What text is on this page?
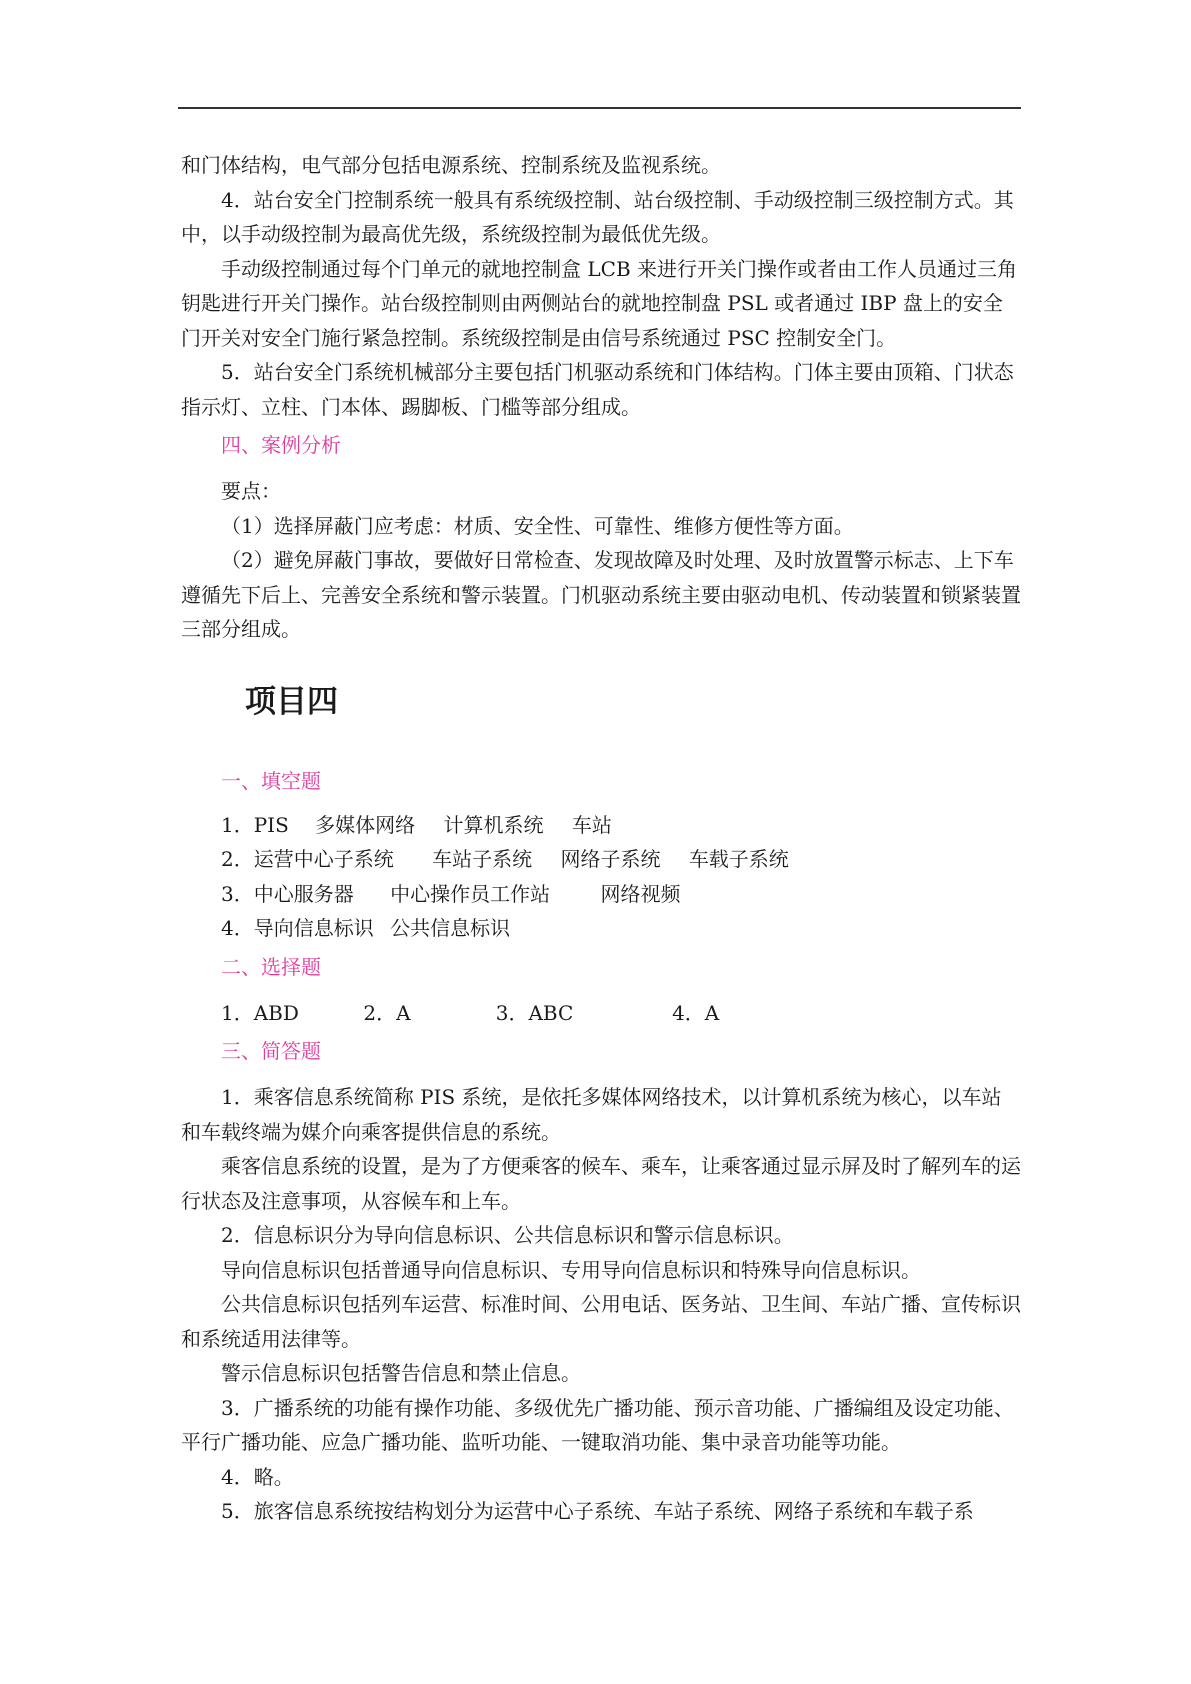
和门体结构，电气部分包括电源系统、控制系统及监视系统。

4．站台安全门控制系统一般具有系统级控制、站台级控制、手动级控制三级控制方式。其中，以手动级控制为最高优先级，系统级控制为最低优先级。

手动级控制通过每个门单元的就地控制盒 LCB 来进行开关门操作或者由工作人员通过三角钥匙进行开关门操作。站台级控制则由两侧站台的就地控制盘 PSL 或者通过 IBP 盘上的安全门开关对安全门施行紧急控制。系统级控制是由信号系统通过 PSC 控制安全门。

5．站台安全门系统机械部分主要包括门机驱动系统和门体结构。门体主要由顶箱、门状态指示灯、立柱、门本体、踢脚板、门槛等部分组成。

四、案例分析

要点：

（1）选择屏蔽门应考虑：材质、安全性、可靠性、维修方便性等方面。

（2）避免屏蔽门事故，要做好日常检查、发现故障及时处理、及时放置警示标志、上下车遵循先下后上、完善安全系统和警示装置。门机驱动系统主要由驱动电机、传动装置和锁紧装置三部分组成。

项目四
一、填空题

1．PIS 多媒体网络 计算机系统 车站

2．运营中心子系统 车站子系统 网络子系统 车载子系统

3．中心服务器 中心操作员工作站	网络视频

4．导向信息标识 公共信息标识

二、选择题

1．ABD	2．A	3．ABC	4．A

三、简答题

1．乘客信息系统简称 PIS 系统，是依托多媒体网络技术，以计算机系统为核心，以车站和车载终端为媒介向乘客提供信息的系统。

乘客信息系统的设置，是为了方便乘客的候车、乘车，让乘客通过显示屏及时了解列车的运行状态及注意事项，从容候车和上车。

2．信息标识分为导向信息标识、公共信息标识和警示信息标识。

导向信息标识包括普通导向信息标识、专用导向信息标识和特殊导向信息标识。

公共信息标识包括列车运营、标准时间、公用电话、医务站、卫生间、车站广播、宣传标识和系统适用法律等。

警示信息标识包括警告信息和禁止信息。

3．广播系统的功能有操作功能、多级优先广播功能、预示音功能、广播编组及设定功能、平行广播功能、应急广播功能、监听功能、一键取消功能、集中录音功能等功能。

4．略。

5．旅客信息系统按结构划分为运营中心子系统、车站子系统、网络子系统和车载子系
